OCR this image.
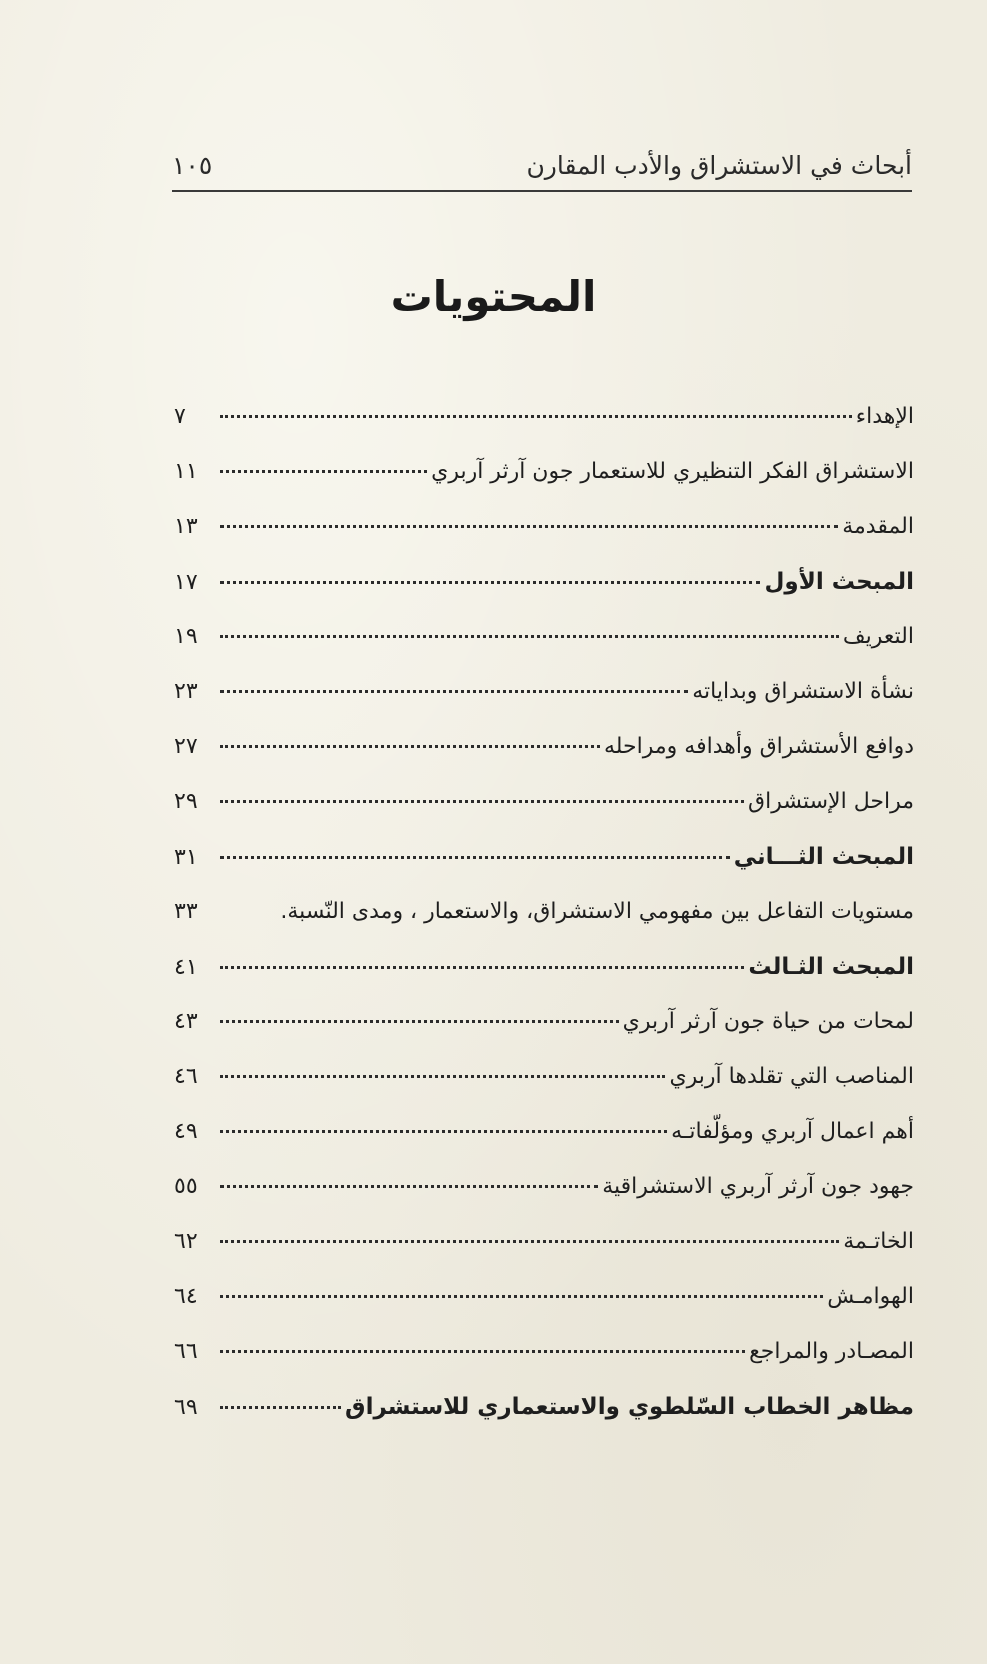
أبحاث في الاستشراق والأدب المقارن
١٠٥
المحتويات
الإهداء
٧
الاستشراق الفكر التنظيري للاستعمار جون آرثر آربري
١١
المقدمة
١٣
المبحث الأول
١٧
التعريف
١٩
نشأة الاستشراق وبداياته
٢٣
دوافع الأستشراق وأهدافه ومراحله
٢٧
مراحل الإستشراق
٢٩
المبحث الثـــاني
٣١
مستويات التفاعل بين مفهومي الاستشراق، والاستعمار ، ومدى النّسبة.
٣٣
المبحث الثـالث
٤١
لمحات من حياة جون آرثر آربري
٤٣
المناصب التي تقلدها آربري
٤٦
أهم اعمال آربري ومؤلّفاتـه
٤٩
جهود جون آرثر آربري الاستشراقية
٥٥
الخاتـمة
٦٢
الهوامـش
٦٤
المصـادر والمراجع
٦٦
مظاهر الخطاب السّلطوي والاستعماري للاستشراق
٦٩
